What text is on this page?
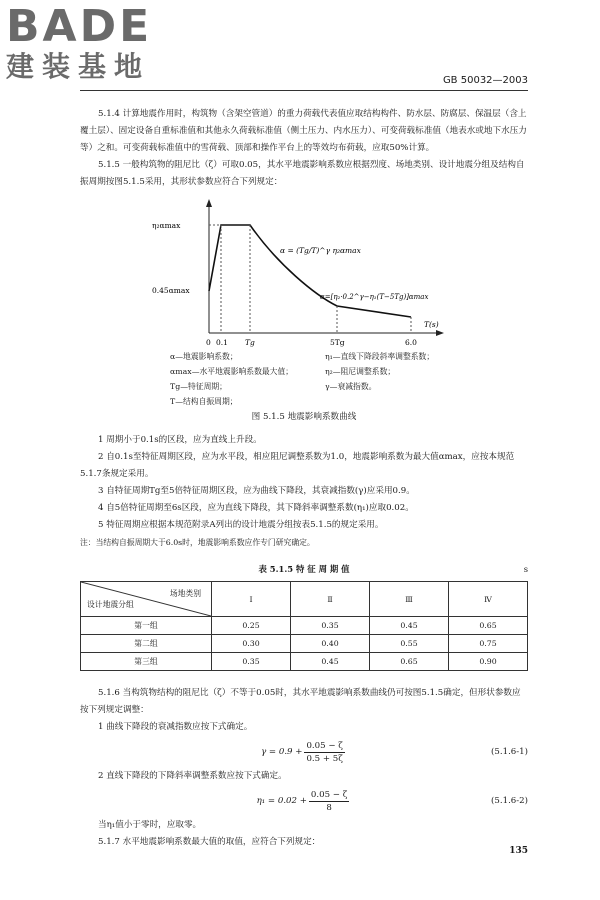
BADE
建装基地	GB 50032—2003

5.1.4 计算地震作用时，构筑物（含架空管道）的重力荷载代表值应取结构构件、防水层、防腐层、保温层（含上覆土层）、固定设备自重标准值和其他永久荷载标准值（侧土压力、内水压力）、可变荷载标准值（地表水或地下水压力等）之和。可变荷载标准值中的雪荷载、顶部和操作平台上的等效均布荷载，应取50%计算。

5.1.5 一般构筑物的阻尼比（ζ）可取0.05，其水平地震影响系数应根据烈度、场地类别、设计地震分组及结构自振周期按图5.1.5采用，其形状参数应符合下列规定：

η₂αmax
0.45αmax
0 0.1 Tg	5Tg	6.0
T(s)
α = (Tg/T)^γ η₂αmax
α=[η₂·0.2^γ−η₁(T−5Tg)]αmax
α—地震影响系数；
αmax—水平地震影响系数最大值；
Tg—特征周期；
T—结构自振周期；
η₁—直线下降段斜率调整系数；
η₂—阻尼调整系数；
γ—衰减指数。
图 5.1.5 地震影响系数曲线

1 周期小于0.1s的区段，应为直线上升段。

2 自0.1s至特征周期区段，应为水平段，相应阻尼调整系数为1.0，地震影响系数为最大值αmax，应按本规范5.1.7条规定采用。

3 自特征周期Tg至5倍特征周期区段，应为曲线下降段，其衰减指数(γ)应采用0.9。

4 自5倍特征周期至6s区段，应为直线下降段，其下降斜率调整系数(η₁)应取0.02。

5 特征周期应根据本规范附录A列出的设计地震分组按表5.1.5的规定采用。

注：当结构自振周期大于6.0s时，地震影响系数应作专门研究确定。

表 5.1.5 特 征 周 期 值	s
场地类别
设计地震分组	Ⅰ	Ⅱ	Ⅲ	Ⅳ
第一组	0.25	0.35	0.45	0.65
第二组	0.30	0.40	0.55	0.75
第三组	0.35	0.45	0.65	0.90

5.1.6 当构筑物结构的阻尼比（ζ）不等于0.05时，其水平地震影响系数曲线仍可按图5.1.5确定，但形状参数应按下列规定调整：

1 曲线下降段的衰减指数应按下式确定。

$\gamma = 0.9 + \frac{0.05 - \zeta}{0.5 + 5\zeta}$	(5.1.6-1)

2 直线下降段的下降斜率调整系数应按下式确定。

$\eta_1 = 0.02 + \frac{0.05 - \zeta}{8}$	(5.1.6-2)

当η₁值小于零时，应取零。

5.1.7 水平地震影响系数最大值的取值，应符合下列规定：

135
